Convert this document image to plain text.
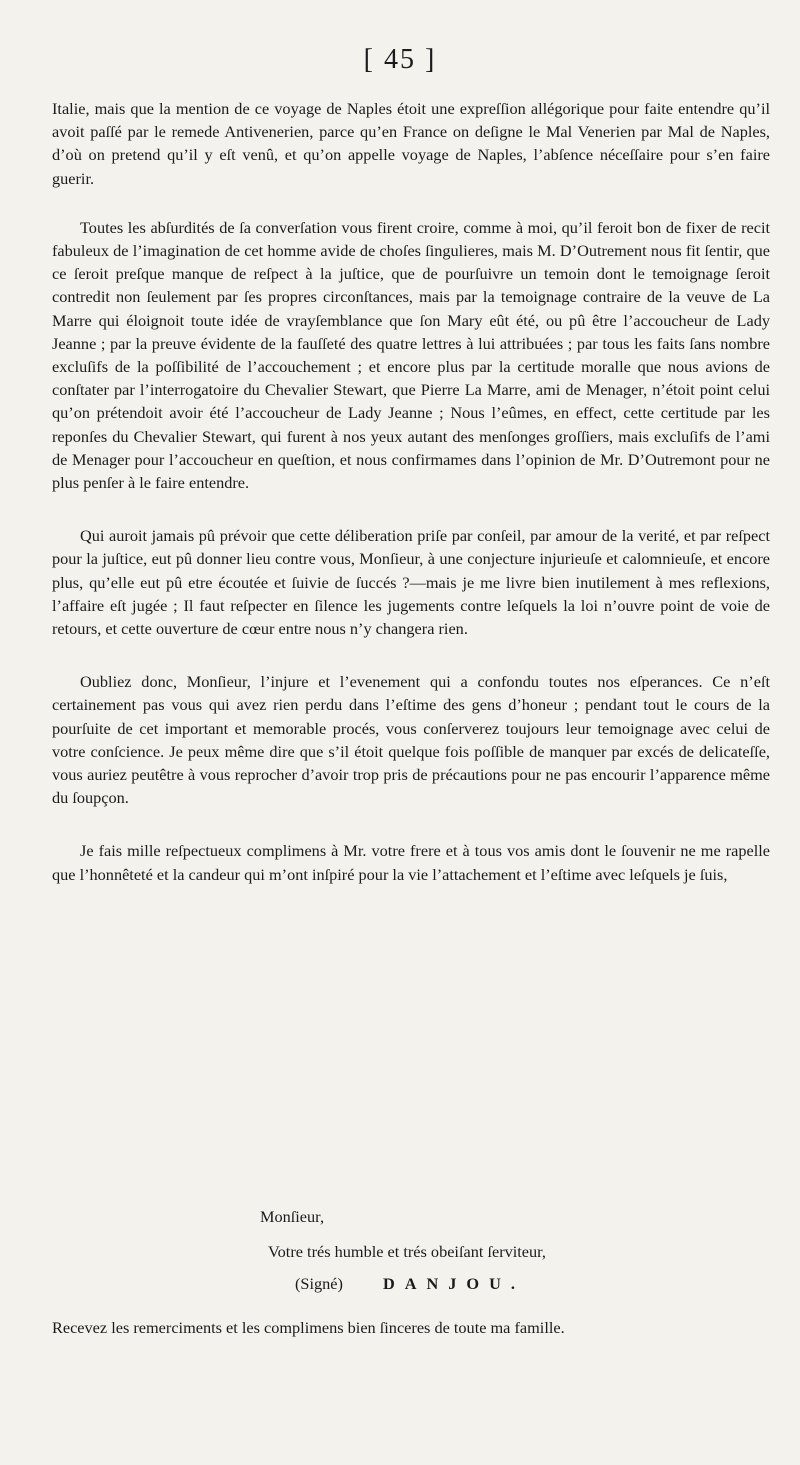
[ 45 ]

Italie, mais que la mention de ce voyage de Naples étoit une expreſſion allégorique pour faite entendre qu’il avoit paſſé par le remede Antivenerien, parce qu’en France on deſigne le Mal Venerien par Mal de Naples, d’où on pretend qu’il y eſt venû, et qu’on appelle voyage de Naples, l’abſence néceſſaire pour s’en faire guerir.

Toutes les abſurdités de ſa converſation vous firent croire, comme à moi, qu’il feroit bon de fixer de recit fabuleux de l’imagination de cet homme avide de choſes ſingulieres, mais M. D’Outrement nous fit ſentir, que ce ſeroit preſque manque de reſpect à la juſtice, que de pourſuivre un temoin dont le temoignage ſeroit contredit non ſeulement par ſes propres circonſtances, mais par la temoignage contraire de la veuve de La Marre qui éloignoit toute idée de vrayſemblance que ſon Mary eût été, ou pû être l’accoucheur de Lady Jeanne ; par la preuve évidente de la fauſſeté des quatre lettres à lui attribuées ; par tous les faits ſans nombre excluſifs de la poſſibilité de l’accouchement ; et encore plus par la certitude moralle que nous avions de conſtater par l’interrogatoire du Chevalier Stewart, que Pierre La Marre, ami de Menager, n’étoit point celui qu’on prétendoit avoir été l’accoucheur de Lady Jeanne ; Nous l’eûmes, en effect, cette certitude par les reponſes du Chevalier Stewart, qui furent à nos yeux autant des menſonges groſſiers, mais excluſifs de l’ami de Menager pour l’accoucheur en queſtion, et nous confirmames dans l’opinion de Mr. D’Outremont pour ne plus penſer à le faire entendre.

Qui auroit jamais pû prévoir que cette déliberation priſe par conſeil, par amour de la verité, et par reſpect pour la juſtice, eut pû donner lieu contre vous, Monſieur, à une conjecture injurieuſe et calomnieuſe, et encore plus, qu’elle eut pû etre écoutée et ſuivie de ſuccés ?—mais je me livre bien inutilement à mes reflexions, l’affaire eſt jugée ; Il faut reſpecter en ſilence les jugements contre leſquels la loi n’ouvre point de voie de retours, et cette ouverture de cœur entre nous n’y changera rien.

Oubliez donc, Monſieur, l’injure et l’evenement qui a confondu toutes nos eſperances. Ce n’eſt certainement pas vous qui avez rien perdu dans l’eſtime des gens d’honeur ; pendant tout le cours de la pourſuite de cet important et memorable procés, vous conſerverez toujours leur temoignage avec celui de votre conſcience. Je peux même dire que s’il étoit quelque fois poſſible de manquer par excés de delicateſſe, vous auriez peutêtre à vous reprocher d’avoir trop pris de précautions pour ne pas encourir l’apparence même du ſoupçon.

Je fais mille reſpectueux complimens à Mr. votre frere et à tous vos amis dont le ſouvenir ne me rapelle que l’honnêteté et la candeur qui m’ont inſpiré pour la vie l’attachement et l’eſtime avec leſquels je ſuis,

Monſieur,
Votre trés humble et trés obeiſant ſerviteur,
(Signé) DANJOU.
Recevez les remerciments et les complimens bien ſinceres de toute ma famille.
